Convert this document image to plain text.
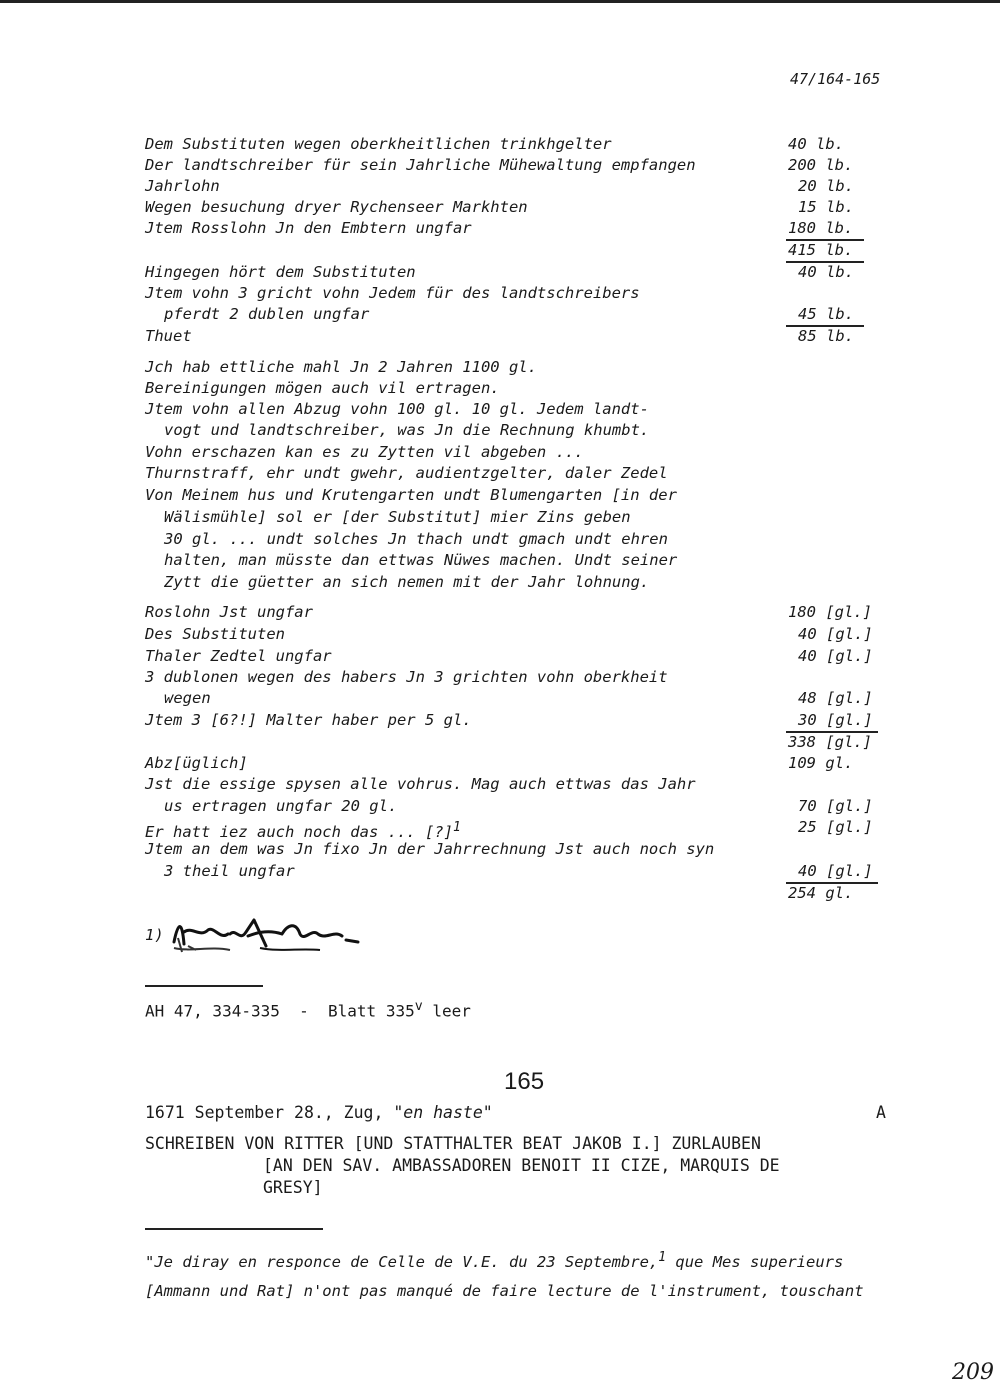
47/164-165
Dem Substituten wegen oberkheitlichen trinkhgelter	40 lb.
Der landtschreiber für sein Jahrliche Mühewaltung empfangen	200 lb.
Jahrlohn	20 lb.
Wegen besuchung dryer Rychenseer Markhten	15 lb.
Jtem Rosslohn Jn den Embtern ungfar	180 lb.
415 lb.
Hingegen hört dem Substituten	40 lb.
Jtem vohn 3 gricht vohn Jedem für des landtschreibers
pferdt 2 dublen ungfar	45 lb.
Thuet	85 lb.
Jch hab ettliche mahl Jn 2 Jahren 1100 gl.
Bereinigungen mögen auch vil ertragen.
Jtem vohn allen Abzug vohn 100 gl. 10 gl. Jedem landt-
vogt und landtschreiber, was Jn die Rechnung khumbt.
Vohn erschazen kan es zu Zytten vil abgeben ...
Thurnstraff, ehr undt gwehr, audientzgelter, daler Zedel
Von Meinem hus und Krutengarten undt Blumengarten [in der
Wälismühle] sol er [der Substitut] mier Zins geben
30 gl. ... undt solches Jn thach undt gmach undt ehren
halten, man müsste dan ettwas Nüwes machen. Undt seiner
Zytt die güetter an sich nemen mit der Jahr lohnung.
Roslohn Jst ungfar	180 [gl.]
Des Substituten	40 [gl.]
Thaler Zedtel ungfar	40 [gl.]
3 dublonen wegen des habers Jn 3 grichten vohn oberkheit
wegen	48 [gl.]
Jtem 3 [6?!] Malter haber per 5 gl.	30 [gl.]
338 [gl.]
Abz[üglich]	109 gl.
Jst die essige spysen alle vohrus. Mag auch ettwas das Jahr
us ertragen ungfar 20 gl.	70 [gl.]
Er hatt iez auch noch das ... [?]$^1$	25 [gl.]
Jtem an dem was Jn fixo Jn der Jahrrechnung Jst auch noch syn
3 theil ungfar	40 [gl.]
254 gl.
1)
AH 47, 334-335  -  Blatt 335$^v$ leer
165
1671 September 28., Zug, "en haste"	A
SCHREIBEN VON RITTER [UND STATTHALTER BEAT JAKOB I.] ZURLAUBEN
[AN DEN SAV. AMBASSADOREN BENOIT II CIZE, MARQUIS DE
GRESY]
"Je diray en responce de Celle de V.E. du 23 Septembre,$^1$ que Mes superieurs
[Ammann und Rat] n'ont pas manqué de faire lecture de l'instrument, touschant
209
